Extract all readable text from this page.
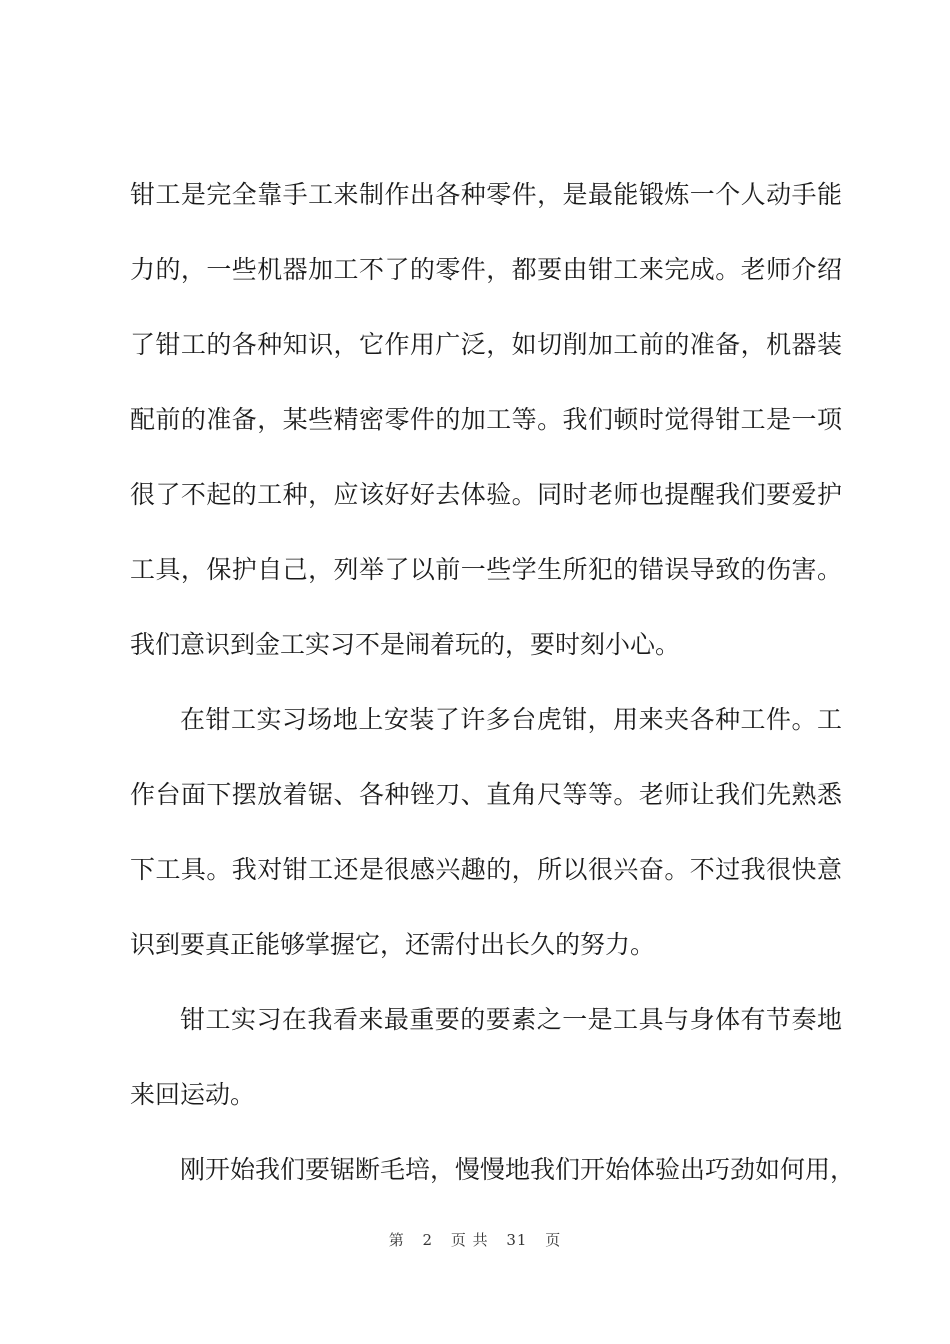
钳工是完全靠手工来制作出各种零件，是最能锻炼一个人动手能
力的，一些机器加工不了的零件，都要由钳工来完成。老师介绍
了钳工的各种知识，它作用广泛，如切削加工前的准备，机器装
配前的准备，某些精密零件的加工等。我们顿时觉得钳工是一项
很了不起的工种，应该好好去体验。同时老师也提醒我们要爱护
工具，保护自己，列举了以前一些学生所犯的错误导致的伤害。
我们意识到金工实习不是闹着玩的，要时刻小心。
在钳工实习场地上安装了许多台虎钳，用来夹各种工件。工
作台面下摆放着锯、各种锉刀、直角尺等等。老师让我们先熟悉
下工具。我对钳工还是很感兴趣的，所以很兴奋。不过我很快意
识到要真正能够掌握它，还需付出长久的努力。
钳工实习在我看来最重要的要素之一是工具与身体有节奏地
来回运动。
刚开始我们要锯断毛培，慢慢地我们开始体验出巧劲如何用，
第 2 页 共 31 页
